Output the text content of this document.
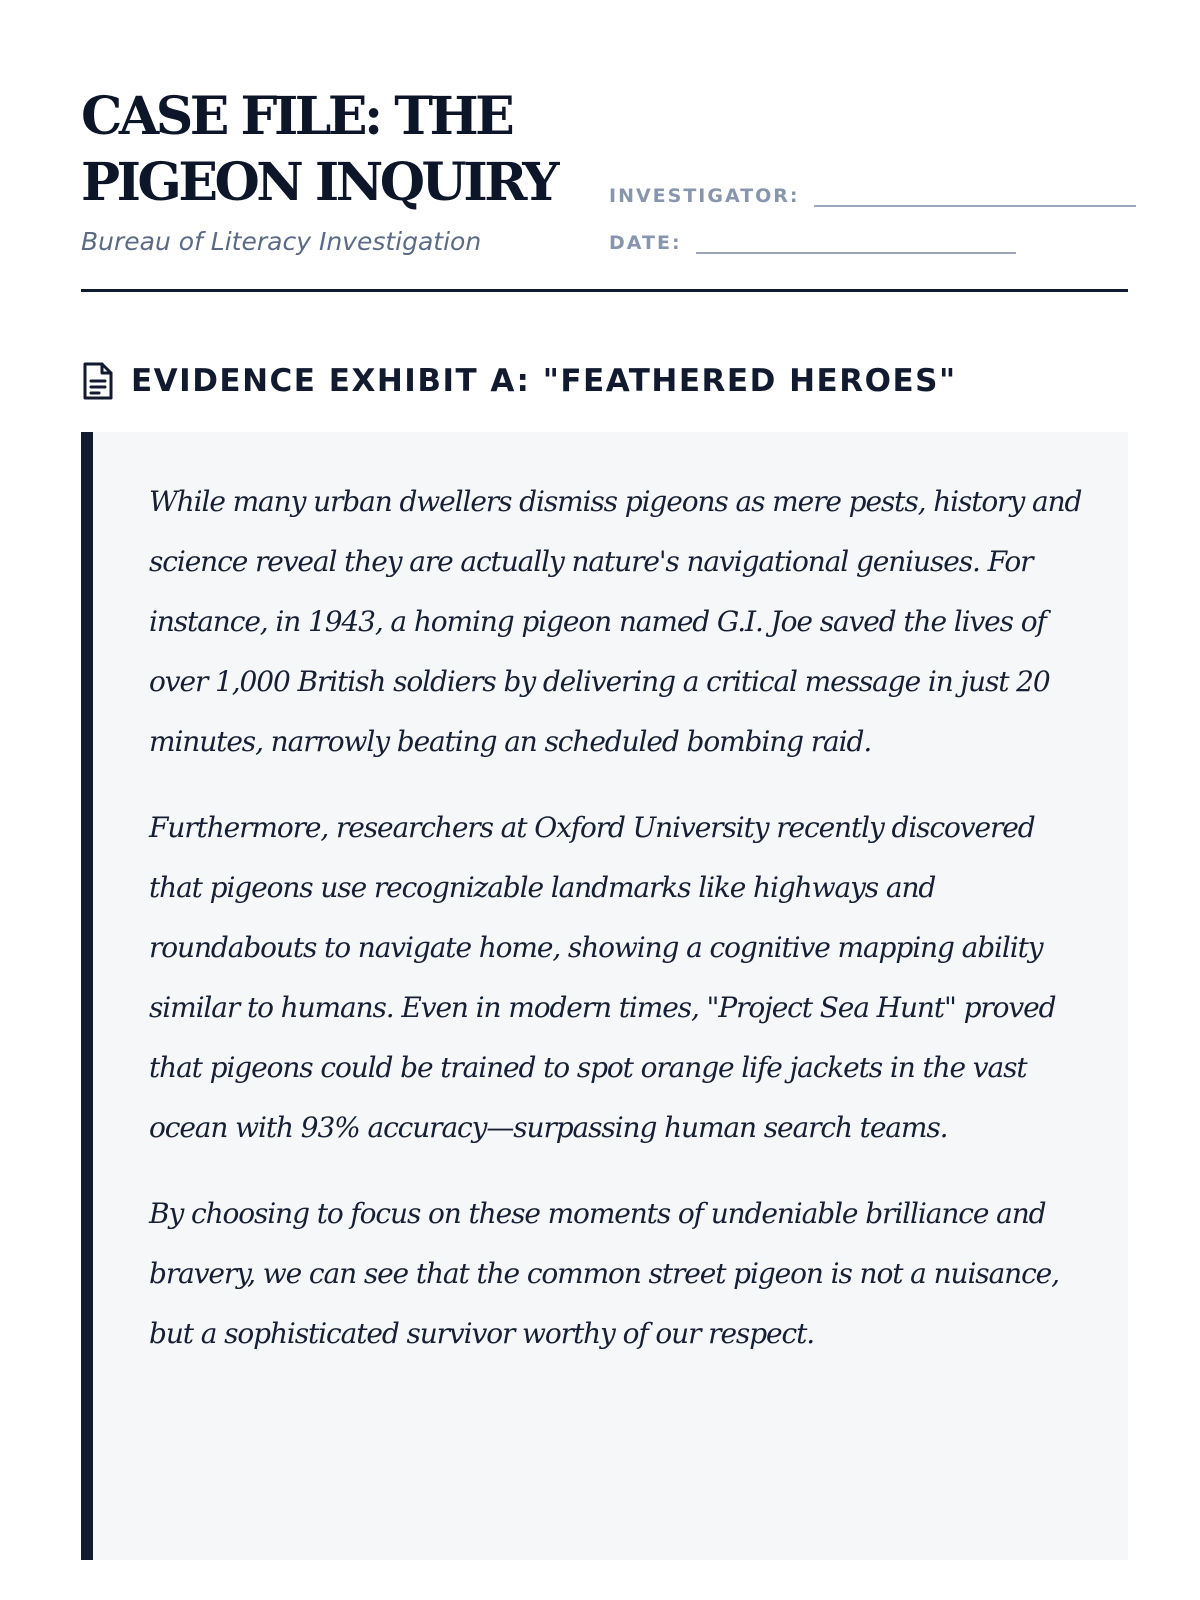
CASE FILE: THE
PIGEON INQUIRY
Bureau of Literacy Investigation
INVESTIGATOR:
DATE:
EVIDENCE EXHIBIT A: "FEATHERED HEROES"

While many urban dwellers dismiss pigeons as mere pests, history and science reveal they are actually nature's navigational geniuses. For instance, in 1943, a homing pigeon named G.I. Joe saved the lives of over 1,000 British soldiers by delivering a critical message in just 20 minutes, narrowly beating an scheduled bombing raid.

Furthermore, researchers at Oxford University recently discovered that pigeons use recognizable landmarks like highways and roundabouts to navigate home, showing a cognitive mapping ability similar to humans. Even in modern times, "Project Sea Hunt" proved that pigeons could be trained to spot orange life jackets in the vast ocean with 93% accuracy—surpassing human search teams.

By choosing to focus on these moments of undeniable brilliance and bravery, we can see that the common street pigeon is not a nuisance, but a sophisticated survivor worthy of our respect.
